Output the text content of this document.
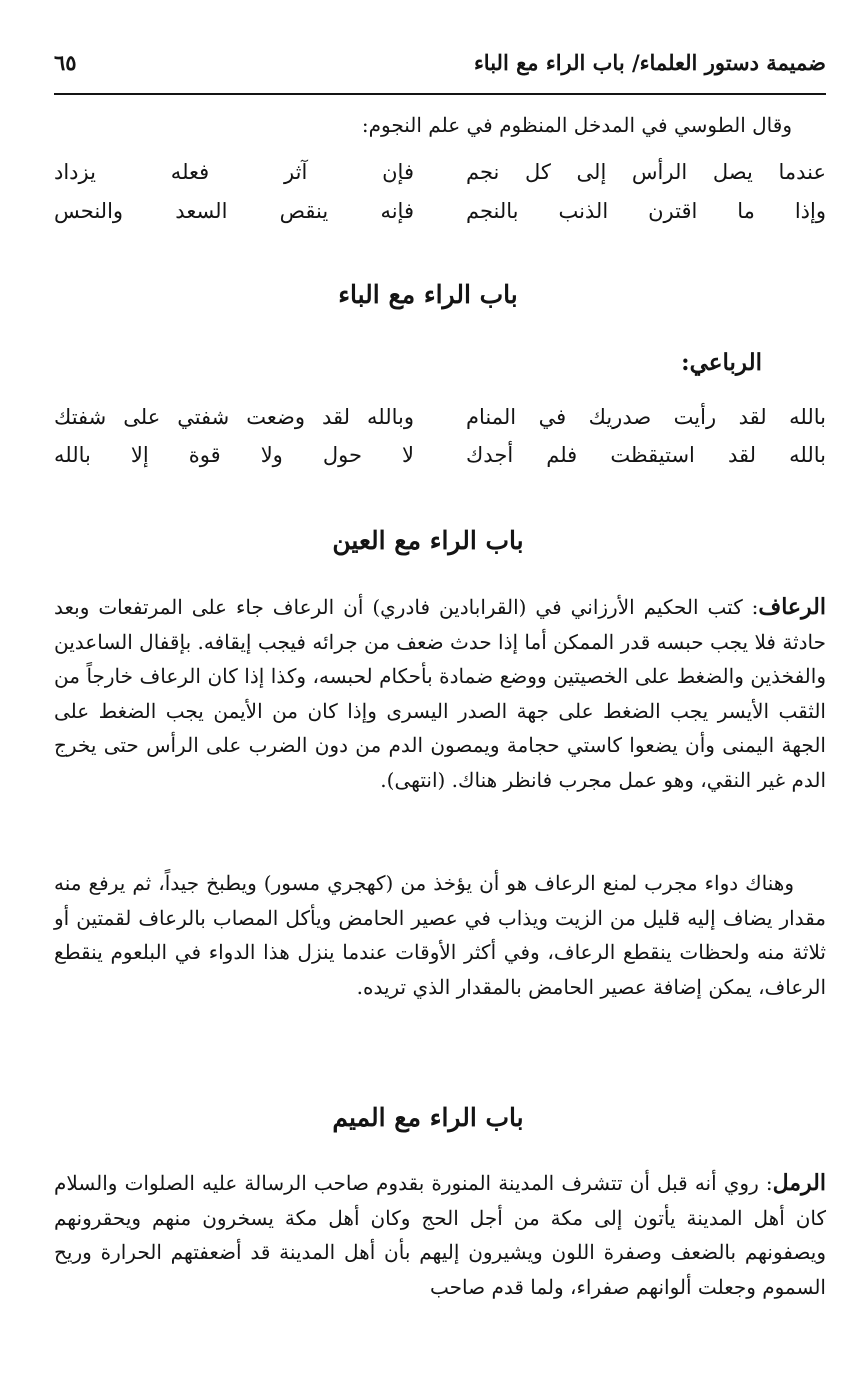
ضميمة دستور العلماء/ باب الراء مع الباء
٦٥
وقال الطوسي في المدخل المنظوم في علم النجوم:
عندما يصل الرأس إلى كل نجم
فإن آثر فعله يزداد
وإذا ما اقترن الذنب بالنجم
فإنه ينقص السعد والنحس
باب الراء مع الباء
الرباعي:
بالله لقد رأيت صدريك في المنام
وبالله لقد وضعت شفتي على شفتك
بالله لقد استيقظت فلم أجدك
لا حول ولا قوة إلا بالله
باب الراء مع العين
الرعاف: كتب الحكيم الأرزاني في (القرابادين فادري) أن الرعاف جاء على المرتفعات وبعد حادثة فلا يجب حبسه قدر الممكن أما إذا حدث ضعف من جرائه فيجب إيقافه. بإقفال الساعدين والفخذين والضغط على الخصيتين ووضع ضمادة بأحكام لحبسه، وكذا إذا كان الرعاف خارجاً من الثقب الأيسر يجب الضغط على جهة الصدر اليسرى وإذا كان من الأيمن يجب الضغط على الجهة اليمنى وأن يضعوا كاستي حجامة ويمصون الدم من دون الضرب على الرأس حتى يخرج الدم غير النقي، وهو عمل مجرب فانظر هناك. (انتهى).
وهناك دواء مجرب لمنع الرعاف هو أن يؤخذ من (كهجري مسور) ويطبخ جيداً، ثم يرفع منه مقدار يضاف إليه قليل من الزيت ويذاب في عصير الحامض ويأكل المصاب بالرعاف لقمتين أو ثلاثة منه ولحظات ينقطع الرعاف، وفي أكثر الأوقات عندما ينزل هذا الدواء في البلعوم ينقطع الرعاف، يمكن إضافة عصير الحامض بالمقدار الذي تريده.
باب الراء مع الميم
الرمل: روي أنه قبل أن تتشرف المدينة المنورة بقدوم صاحب الرسالة عليه الصلوات والسلام كان أهل المدينة يأتون إلى مكة من أجل الحج وكان أهل مكة يسخرون منهم ويحقرونهم ويصفونهم بالضعف وصفرة اللون ويشيرون إليهم بأن أهل المدينة قد أضعفتهم الحرارة وريح السموم وجعلت ألوانهم صفراء، ولما قدم صاحب
